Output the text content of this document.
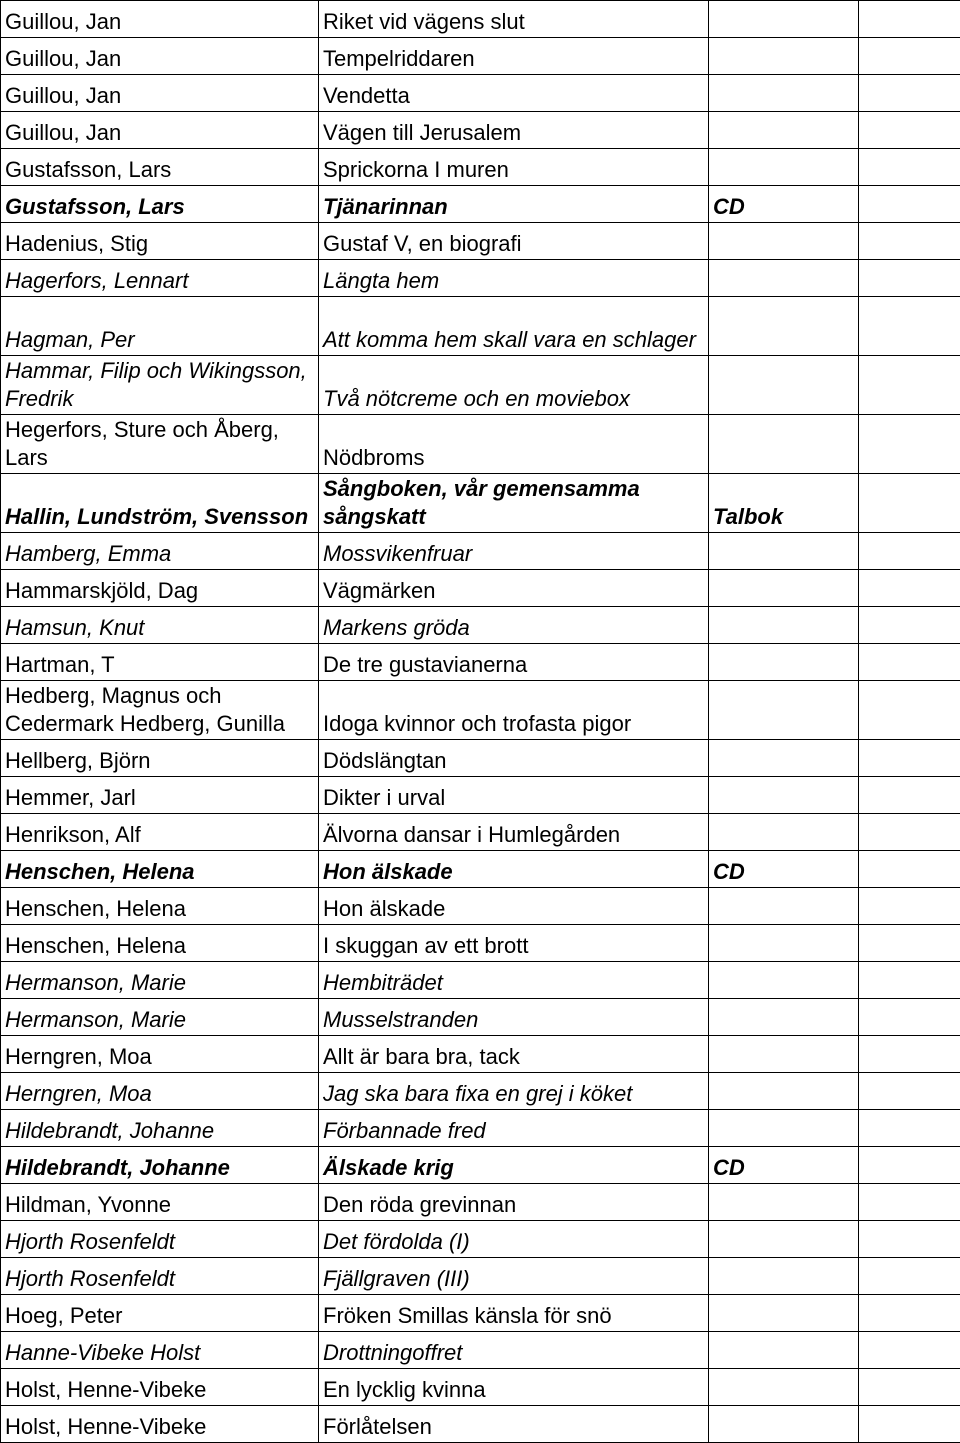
Guillou, Jan	Riket vid vägens slut		
Guillou, Jan	Tempelriddaren		
Guillou, Jan	Vendetta		
Guillou, Jan	Vägen till Jerusalem		
Gustafsson, Lars	Sprickorna I muren		
Gustafsson, Lars	Tjänarinnan	CD	
Hadenius, Stig	Gustaf V, en biografi		
Hagerfors, Lennart	Längta hem		
Hagman, Per	Att komma hem skall vara en schlager		
Hammar, Filip och Wikingsson, Fredrik	Två nötcreme och en moviebox		
Hegerfors, Sture och Åberg, Lars	Nödbroms		
Hallin, Lundström, Svensson	Sångboken, vår gemensamma sångskatt	Talbok	
Hamberg, Emma	Mossvikenfruar		
Hammarskjöld, Dag	Vägmärken		
Hamsun, Knut	Markens gröda		
Hartman, T	De tre gustavianerna		
Hedberg, Magnus och Cedermark Hedberg, Gunilla	Idoga kvinnor och trofasta pigor		
Hellberg, Björn	Dödslängtan		
Hemmer, Jarl	Dikter i urval		
Henrikson, Alf	Älvorna dansar i Humlegården		
Henschen, Helena	Hon älskade	CD	
Henschen, Helena	Hon älskade		
Henschen, Helena	I skuggan av ett brott		
Hermanson, Marie	Hembiträdet		
Hermanson, Marie	Musselstranden		
Herngren, Moa	Allt är bara bra, tack		
Herngren, Moa	Jag ska bara fixa en grej i köket		
Hildebrandt, Johanne	Förbannade fred		
Hildebrandt, Johanne	Älskade krig	CD	
Hildman, Yvonne	Den röda grevinnan		
Hjorth Rosenfeldt	Det fördolda (I)		
Hjorth Rosenfeldt	Fjällgraven (III)		
Hoeg, Peter	Fröken Smillas känsla för snö		
Hanne-Vibeke Holst	Drottningoffret		
Holst, Henne-Vibeke	En lycklig kvinna		
Holst, Henne-Vibeke	Förlåtelsen		
